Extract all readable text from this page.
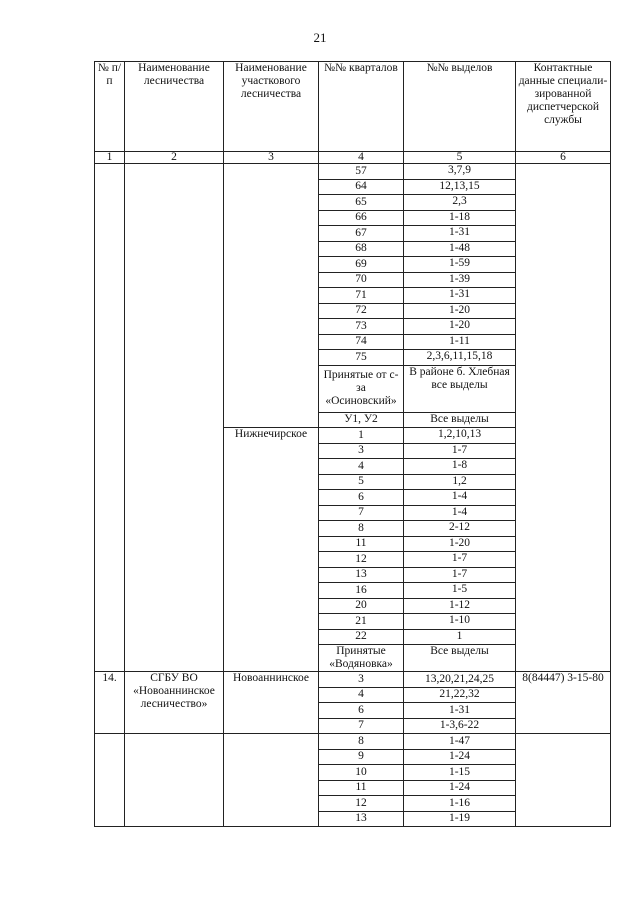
21
№ п/п	Наименование лесничества	Наименование участкового лесничества	№№ кварталов	№№ выделов	Контактные данные специали-зированной диспетчерской службы
1	2	3	4	5	6
			57	3,7,9	
			64	12,13,15	
			65	2,3	
			66	1-18	
			67	1-31	
			68	1-48	
			69	1-59	
			70	1-39	
			71	1-31	
			72	1-20	
			73	1-20	
			74	1-11	
			75	2,3,6,11,15,18	
			Принятые от с-за «Осиновский»	В районе б. Хлебная все выделы	
			У1, У2	Все выделы	
		Нижнечирское	1	1,2,10,13	
			3	1-7	
			4	1-8	
			5	1,2	
			6	1-4	
			7	1-4	
			8	2-12	
			11	1-20	
			12	1-7	
			13	1-7	
			16	1-5	
			20	1-12	
			21	1-10	
			22	1	
			Принятые «Водяновка»	Все выделы	
14.	СГБУ ВО «Новоаннинское лесничество»	Новоаннинское	3	13,20,21,24,25	8(84447) 3-15-80
			4	21,22,32	
			6	1-31	
			7	1-3,6-22	
			8	1-47	
			9	1-24	
			10	1-15	
			11	1-24	
			12	1-16	
			13	1-19	
